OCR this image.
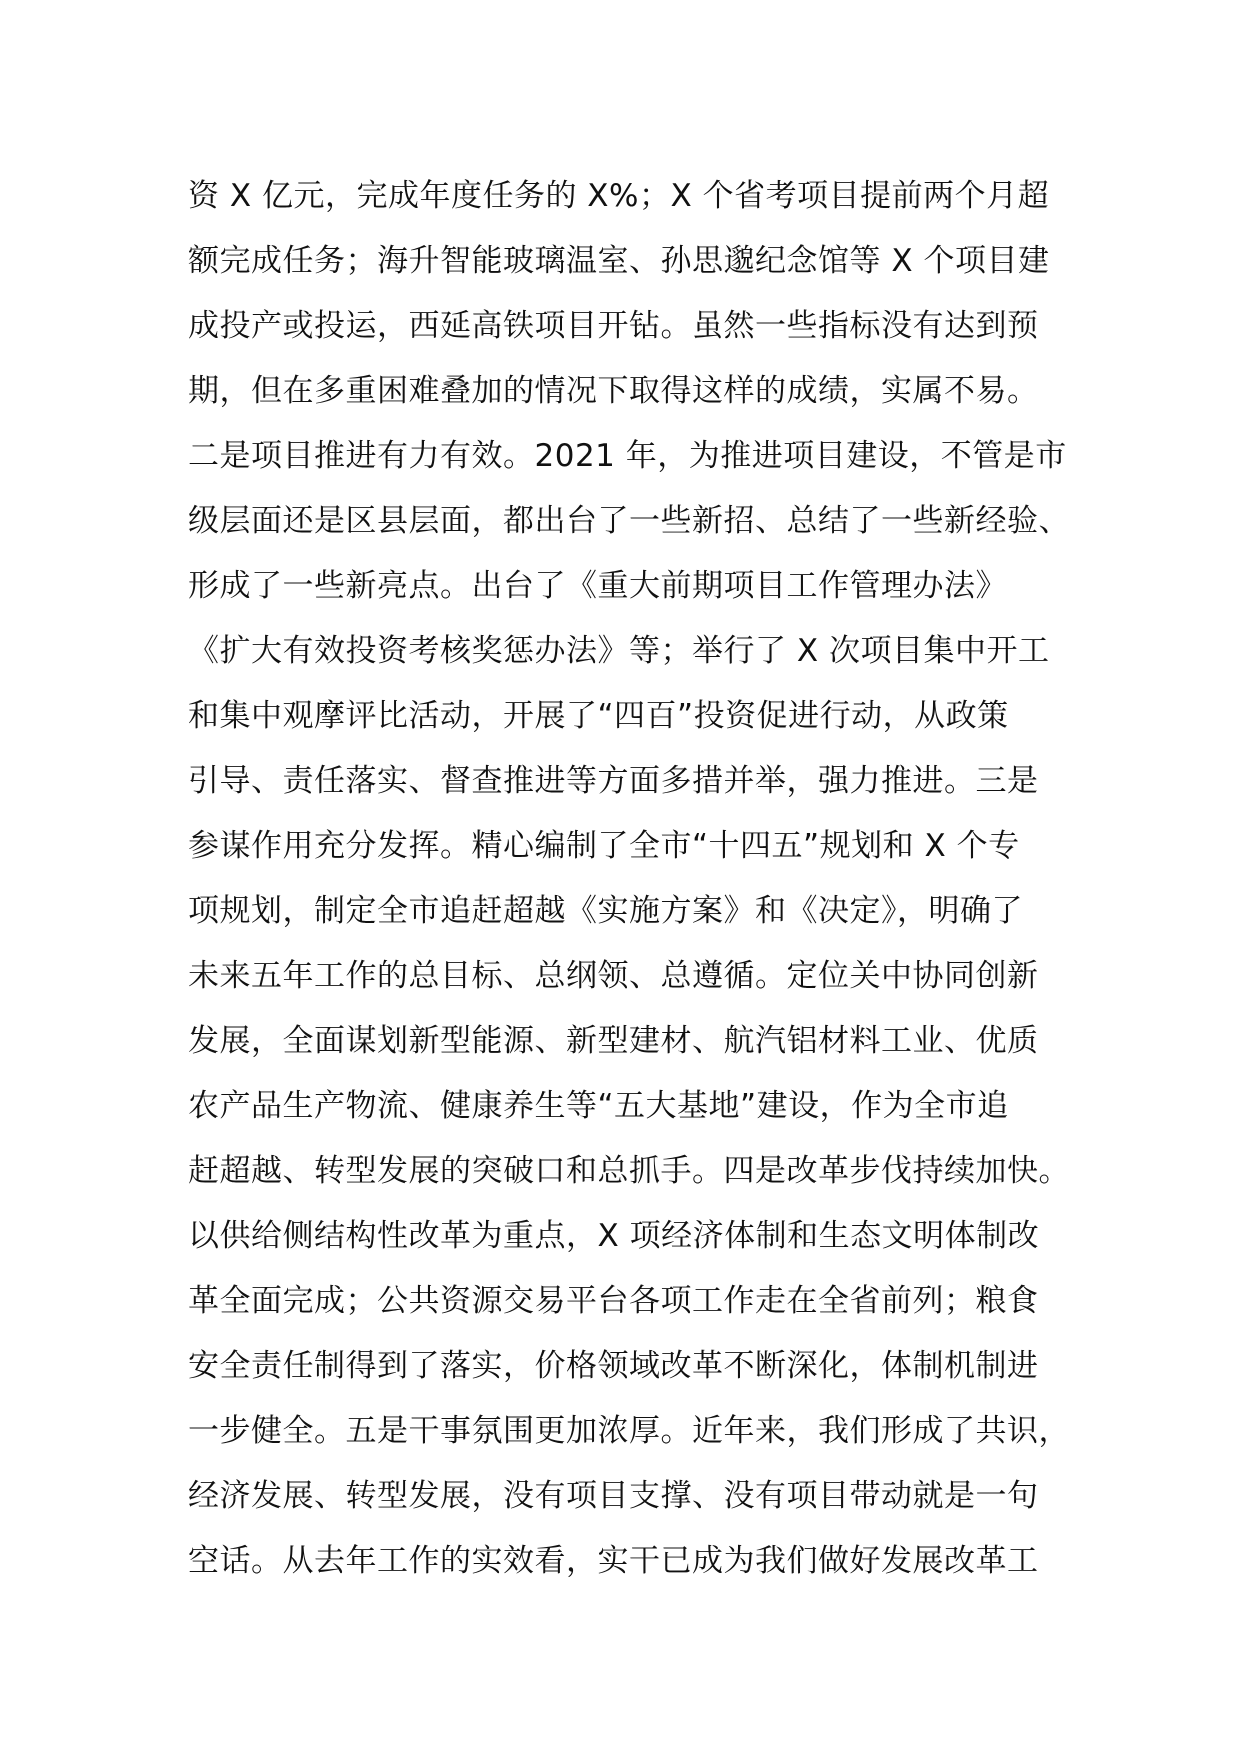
资 X 亿元，完成年度任务的 X%；X 个省考项目提前两个月超
额完成任务；海升智能玻璃温室、孙思邈纪念馆等 X 个项目建
成投产或投运，西延高铁项目开钻。虽然一些指标没有达到预
期，但在多重困难叠加的情况下取得这样的成绩，实属不易。
二是项目推进有力有效。2021 年，为推进项目建设，不管是市
级层面还是区县层面，都出台了一些新招、总结了一些新经验、
形成了一些新亮点。出台了《重大前期项目工作管理办法》
《扩大有效投资考核奖惩办法》等；举行了 X 次项目集中开工
和集中观摩评比活动，开展了“四百”投资促进行动，从政策
引导、责任落实、督查推进等方面多措并举，强力推进。三是
参谋作用充分发挥。精心编制了全市“十四五”规划和 X 个专
项规划，制定全市追赶超越《实施方案》和《决定》，明确了
未来五年工作的总目标、总纲领、总遵循。定位关中协同创新
发展，全面谋划新型能源、新型建材、航汽铝材料工业、优质
农产品生产物流、健康养生等“五大基地”建设，作为全市追
赶超越、转型发展的突破口和总抓手。四是改革步伐持续加快。
以供给侧结构性改革为重点，X 项经济体制和生态文明体制改
革全面完成；公共资源交易平台各项工作走在全省前列；粮食
安全责任制得到了落实，价格领域改革不断深化，体制机制进
一步健全。五是干事氛围更加浓厚。近年来，我们形成了共识，
经济发展、转型发展，没有项目支撑、没有项目带动就是一句
空话。从去年工作的实效看，实干已成为我们做好发展改革工
